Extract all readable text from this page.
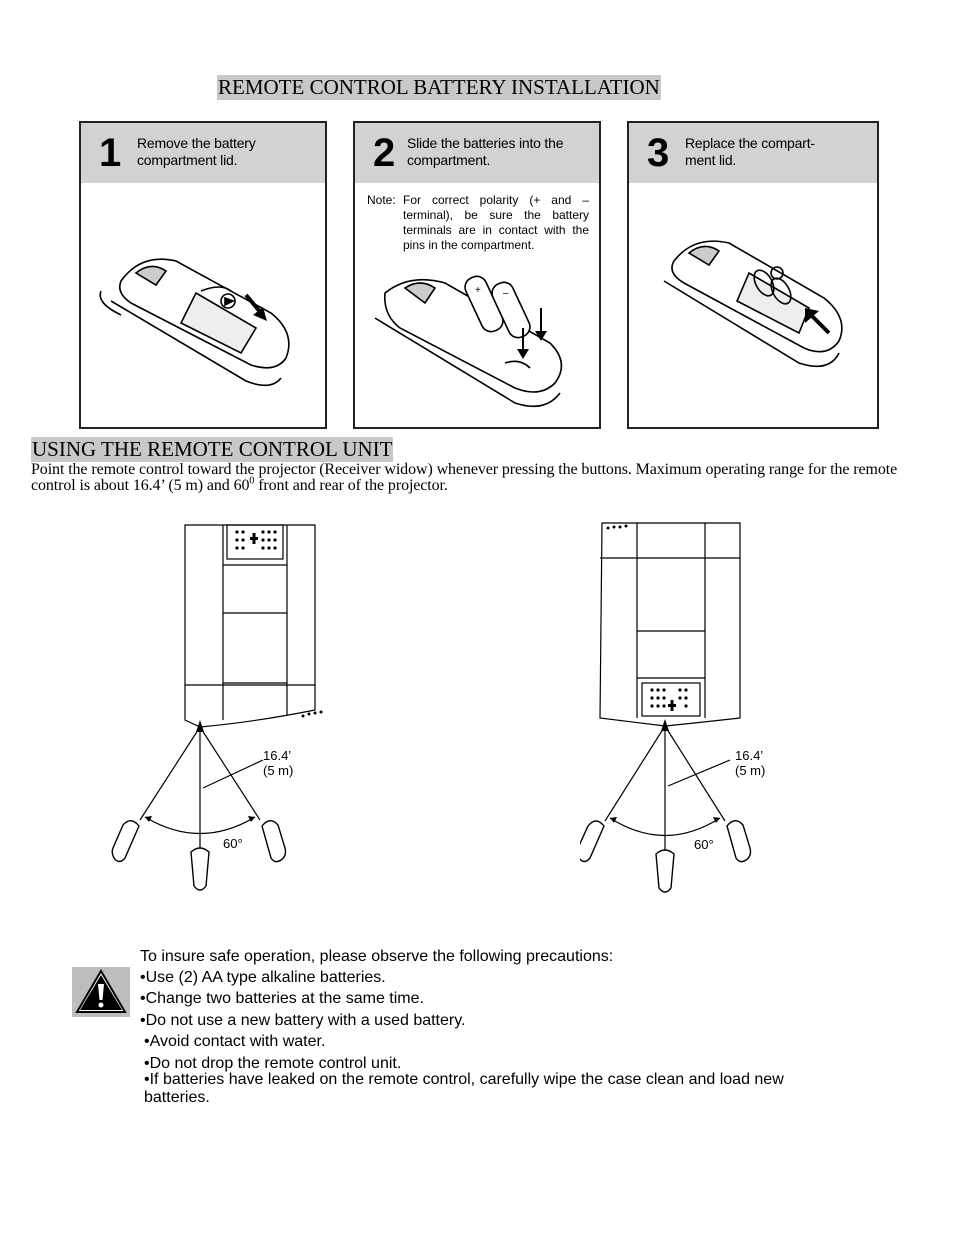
REMOTE CONTROL BATTERY INSTALLATION
1 Remove the battery
compartment lid.	2 Slide the batteries into the
compartment.
Note: For correct polarity (+ and – terminal), be sure the battery terminals are in contact with the pins in the compartment.
+ –
3 Replace the compart-
ment lid.
USING THE REMOTE CONTROL UNIT
Point the remote control toward the projector (Receiver widow) whenever pressing the buttons. Maximum operating range for the remote control is about 16.4’ (5 m) and $60^0$ front and rear of the projector.
16.4’
(5 m)
60°
16.4’
(5 m)
60°
To insure safe operation, please observe the following precautions:
•Use (2) AA type alkaline batteries.
•Change two batteries at the same time.
•Do not use a new battery with a used battery.
•Avoid contact with water.
•Do not drop the remote control unit.
•If batteries have leaked on the remote control, carefully wipe the case clean and load new
batteries.
